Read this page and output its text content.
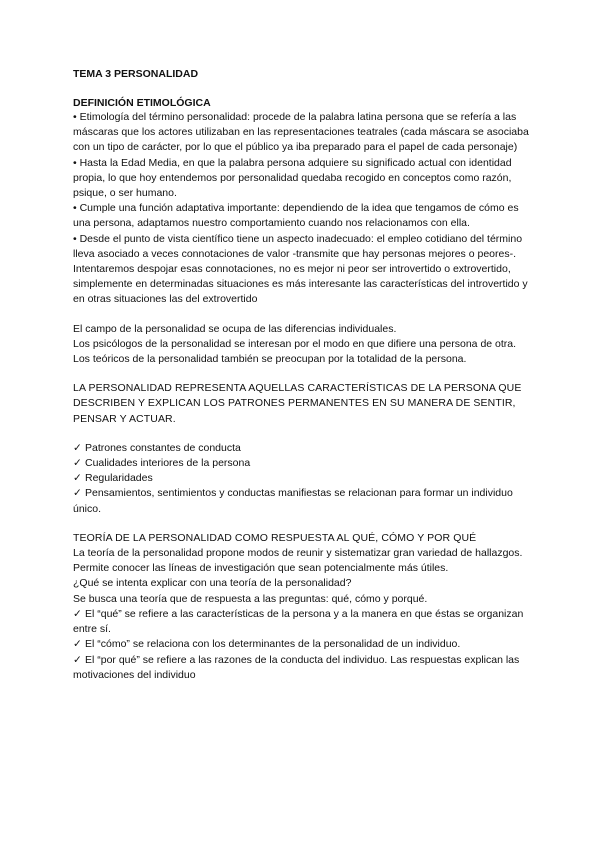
TEMA 3 PERSONALIDAD
DEFINICIÓN ETIMOLÓGICA

• Etimología del término personalidad: procede de la palabra latina persona que se refería a las máscaras que los actores utilizaban en las representaciones teatrales (cada máscara se asociaba con un tipo de carácter, por lo que el público ya iba preparado para el papel de cada personaje)

• Hasta la Edad Media, en que la palabra persona adquiere su significado actual con identidad propia, lo que hoy entendemos por personalidad quedaba recogido en conceptos como razón, psique, o ser humano.

• Cumple una función adaptativa importante: dependiendo de la idea que tengamos de cómo es una persona, adaptamos nuestro comportamiento cuando nos relacionamos con ella.

• Desde el punto de vista científico tiene un aspecto inadecuado: el empleo cotidiano del término lleva asociado a veces connotaciones de valor -transmite que hay personas mejores o peores-. Intentaremos despojar esas connotaciones, no es mejor ni peor ser introvertido o extrovertido, simplemente en determinadas situaciones es más interesante las características del introvertido y en otras situaciones las del extrovertido

El campo de la personalidad se ocupa de las diferencias individuales.

Los psicólogos de la personalidad se interesan por el modo en que difiere una persona de otra. Los teóricos de la personalidad también se preocupan por la totalidad de la persona.

LA PERSONALIDAD REPRESENTA AQUELLAS CARACTERÍSTICAS DE LA PERSONA QUE DESCRIBEN Y EXPLICAN LOS PATRONES PERMANENTES EN SU MANERA DE SENTIR, PENSAR Y ACTUAR.

✓ Patrones constantes de conducta

✓ Cualidades interiores de la persona

✓ Regularidades

✓ Pensamientos, sentimientos y conductas manifiestas se relacionan para formar un individuo único.

TEORÍA DE LA PERSONALIDAD COMO RESPUESTA AL QUÉ, CÓMO Y POR QUÉ

La teoría de la personalidad propone modos de reunir y sistematizar gran variedad de hallazgos.

Permite conocer las líneas de investigación que sean potencialmente más útiles.

¿Qué se intenta explicar con una teoría de la personalidad?

Se busca una teoría que de respuesta a las preguntas: qué, cómo y porqué.

✓ El “qué” se refiere a las características de la persona y a la manera en que éstas se organizan entre sí.

✓ El “cómo” se relaciona con los determinantes de la personalidad de un individuo.

✓ El “por qué” se refiere a las razones de la conducta del individuo. Las respuestas explican las motivaciones del individuo
